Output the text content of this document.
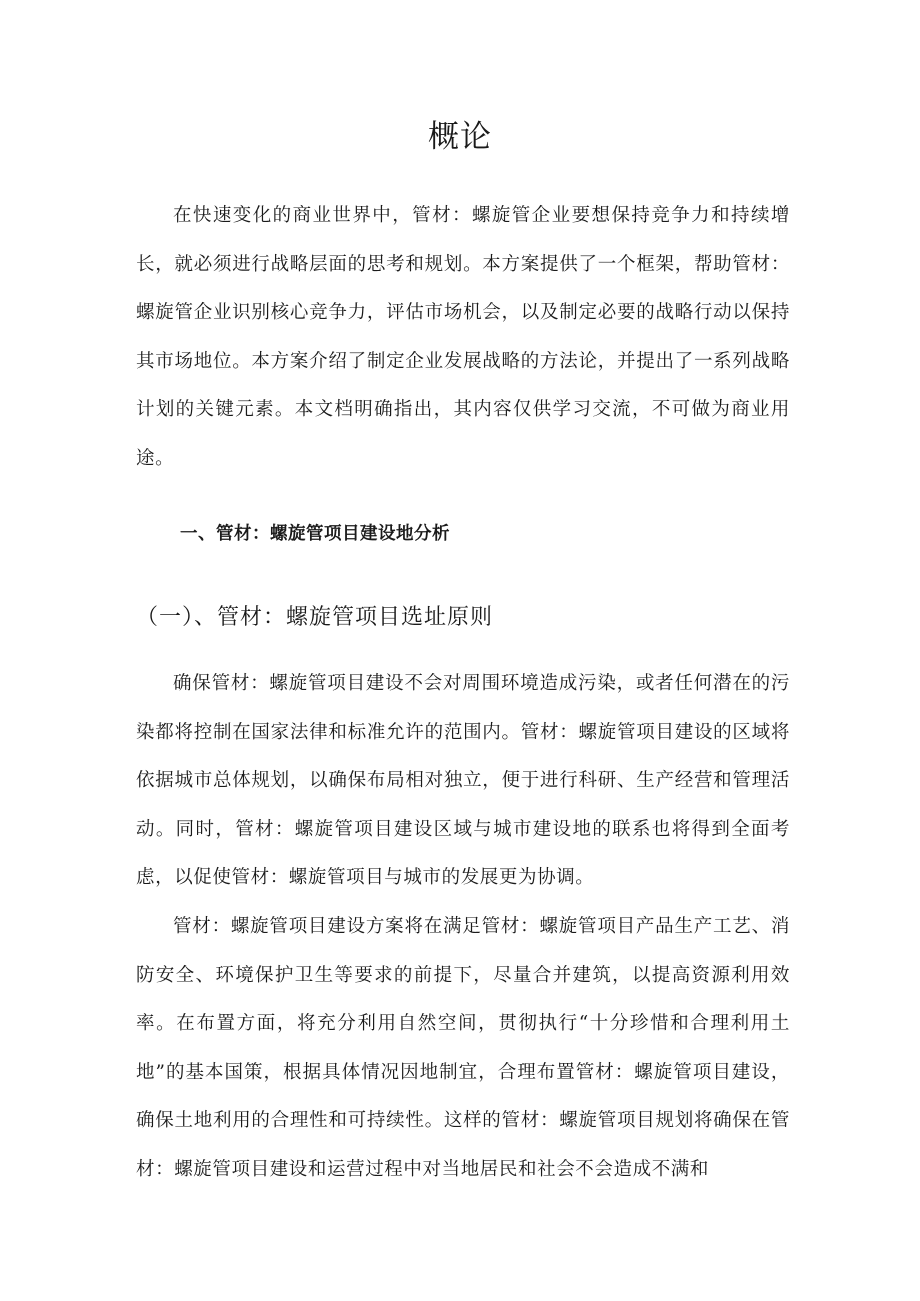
概论

在快速变化的商业世界中，管材：螺旋管企业要想保持竞争力和持续增长，就必须进行战略层面的思考和规划。本方案提供了一个框架，帮助管材：螺旋管企业识别核心竞争力，评估市场机会，以及制定必要的战略行动以保持其市场地位。本方案介绍了制定企业发展战略的方法论，并提出了一系列战略计划的关键元素。本文档明确指出，其内容仅供学习交流，不可做为商业用途。

一、管材：螺旋管项目建设地分析
（一）、管材：螺旋管项目选址原则

确保管材：螺旋管项目建设不会对周围环境造成污染，或者任何潜在的污染都将控制在国家法律和标准允许的范围内。管材：螺旋管项目建设的区域将依据城市总体规划，以确保布局相对独立，便于进行科研、生产经营和管理活动。同时，管材：螺旋管项目建设区域与城市建设地的联系也将得到全面考虑，以促使管材：螺旋管项目与城市的发展更为协调。

管材：螺旋管项目建设方案将在满足管材：螺旋管项目产品生产工艺、消防安全、环境保护卫生等要求的前提下，尽量合并建筑，以提高资源利用效率。在布置方面，将充分利用自然空间，贯彻执行“十分珍惜和合理利用土地”的基本国策，根据具体情况因地制宜，合理布置管材：螺旋管项目建设，确保土地利用的合理性和可持续性。这样的管材：螺旋管项目规划将确保在管材：螺旋管项目建设和运营过程中对当地居民和社会不会造成不满和
